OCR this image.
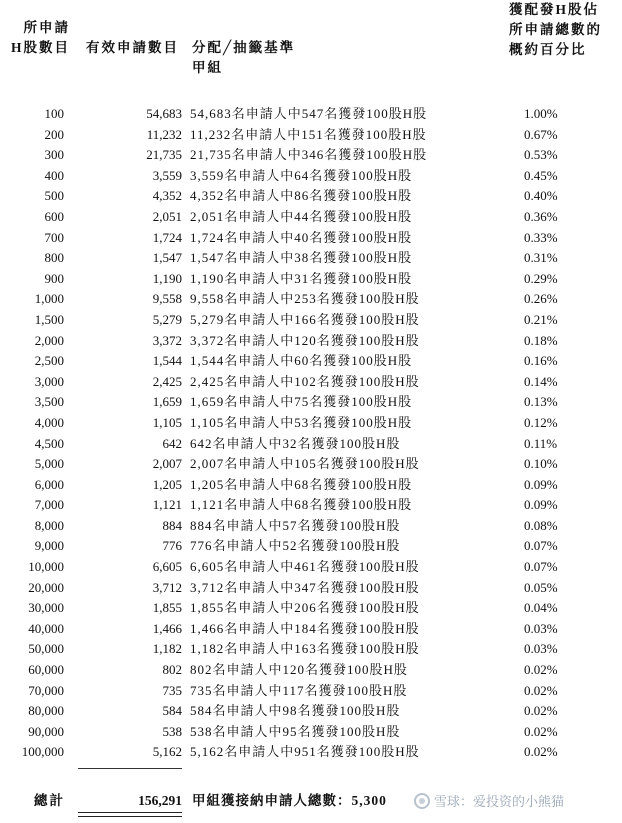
所申請
H股數目 有效申請數目 分配╱抽籤基準
甲組
獲配發H股佔
所申請總數的
概約百分比
100	54,683 54,683名申請人中547名獲發100股H股	1.00%
200	11,232 11,232名申請人中151名獲發100股H股	0.67%
300	21,735 21,735名申請人中346名獲發100股H股	0.53%
400	3,559 3,559名申請人中64名獲發100股H股	0.45%
500	4,352 4,352名申請人中86名獲發100股H股	0.40%
600	2,051 2,051名申請人中44名獲發100股H股	0.36%
700	1,724 1,724名申請人中40名獲發100股H股	0.33%
800	1,547 1,547名申請人中38名獲發100股H股	0.31%
900	1,190 1,190名申請人中31名獲發100股H股	0.29%
1,000	9,558 9,558名申請人中253名獲發100股H股	0.26%
1,500	5,279 5,279名申請人中166名獲發100股H股	0.21%
2,000	3,372 3,372名申請人中120名獲發100股H股	0.18%
2,500	1,544 1,544名申請人中60名獲發100股H股	0.16%
3,000	2,425 2,425名申請人中102名獲發100股H股	0.14%
3,500	1,659 1,659名申請人中75名獲發100股H股	0.13%
4,000	1,105 1,105名申請人中53名獲發100股H股	0.12%
4,500	642 642名申請人中32名獲發100股H股	0.11%
5,000	2,007 2,007名申請人中105名獲發100股H股	0.10%
6,000	1,205 1,205名申請人中68名獲發100股H股	0.09%
7,000	1,121 1,121名申請人中68名獲發100股H股	0.09%
8,000	884 884名申請人中57名獲發100股H股	0.08%
9,000	776 776名申請人中52名獲發100股H股	0.07%
10,000	6,605 6,605名申請人中461名獲發100股H股	0.07%
20,000	3,712 3,712名申請人中347名獲發100股H股	0.05%
30,000	1,855 1,855名申請人中206名獲發100股H股	0.04%
40,000	1,466 1,466名申請人中184名獲發100股H股	0.03%
50,000	1,182 1,182名申請人中163名獲發100股H股	0.03%
60,000	802 802名申請人中120名獲發100股H股	0.02%
70,000	735 735名申請人中117名獲發100股H股	0.02%
80,000	584 584名申請人中98名獲發100股H股	0.02%
90,000	538 538名申請人中95名獲發100股H股	0.02%
100,000	5,162 5,162名申請人中951名獲發100股H股	0.02%
總計	156,291 甲組獲接納申請人總數：5,300	雪球：爱投资的小熊猫
